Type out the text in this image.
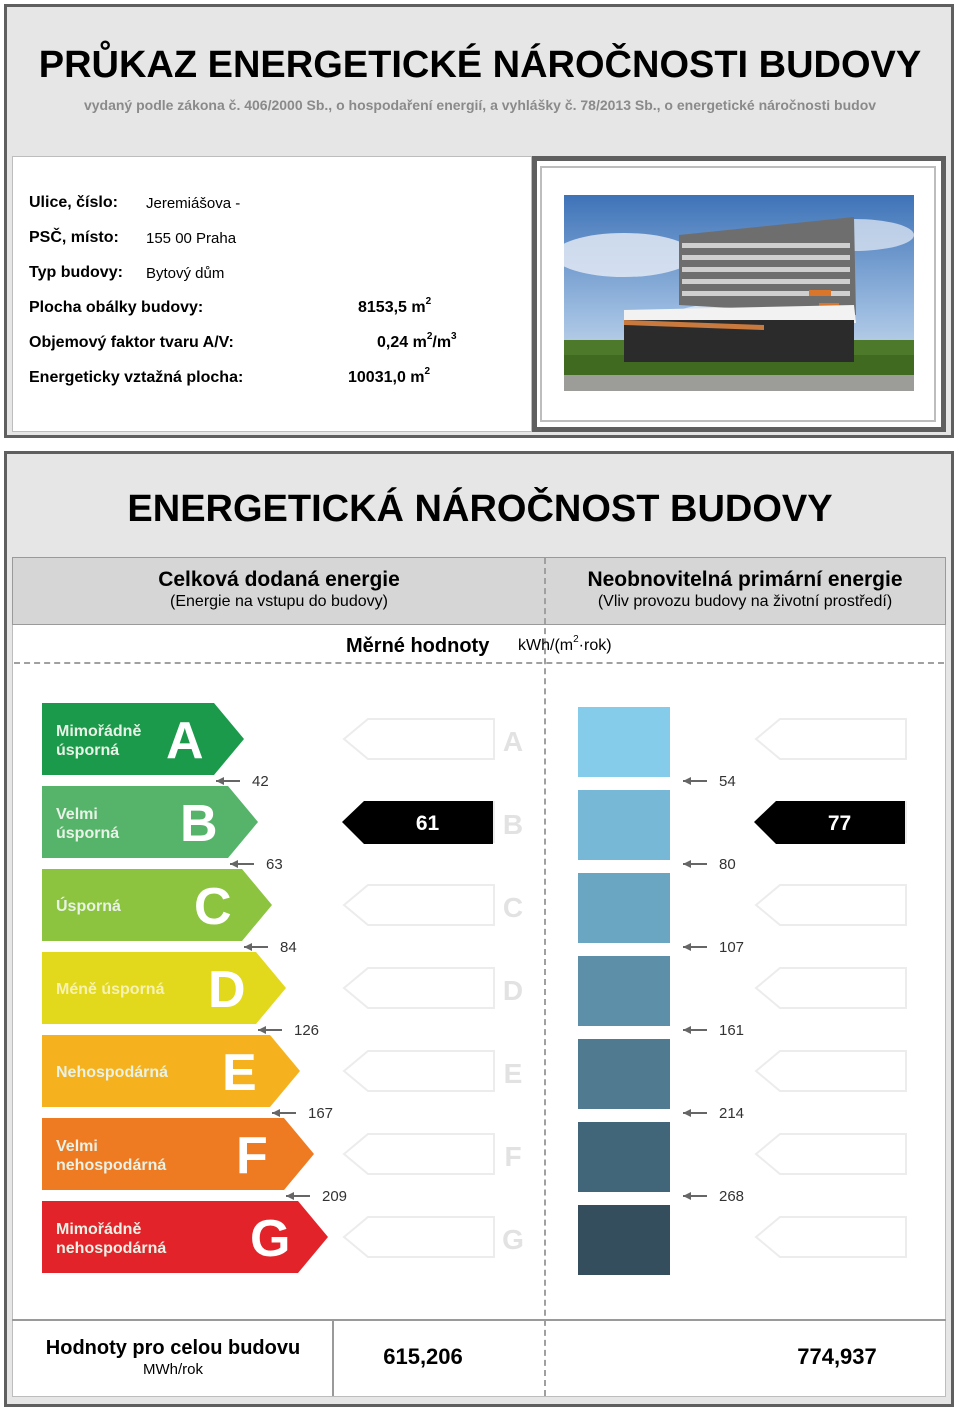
PRŮKAZ ENERGETICKÉ NÁROČNOSTI BUDOVY
vydaný podle zákona č. 406/2000 Sb., o hospodaření energií, a vyhlášky č. 78/2013 Sb., o energetické náročnosti budov
Ulice, číslo: Jeremiášova -
PSČ, místo: 155 00 Praha
Typ budovy: Bytový dům
Plocha obálky budovy:	8153,5 $m^2$
Objemový faktor tvaru A/V:	0,24 $m^2/m^3$
Energeticky vztažná plocha:	10031,0 $m^2$
ENERGETICKÁ NÁROČNOST BUDOVY
Celková dodaná energie
(Energie na vstupu do budovy)
Neobnovitelná primární energie
(Vliv provozu budovy na životní prostředí)
Měrné hodnoty kWh/$(m^2\cdot rok)$
Mimořádně
úsporná A	A
Velmi
úsporná B	B
Úsporná C	C
Méně úsporná D	D
Nehospodárná E	E
Velmi
nehospodárná F	F
Mimořádně
nehospodárná G	G
42
63
84
126
167
209
54
80
107
161
214
268
61	77
Hodnoty pro celou budovu
MWh/rok
615,206	774,937
